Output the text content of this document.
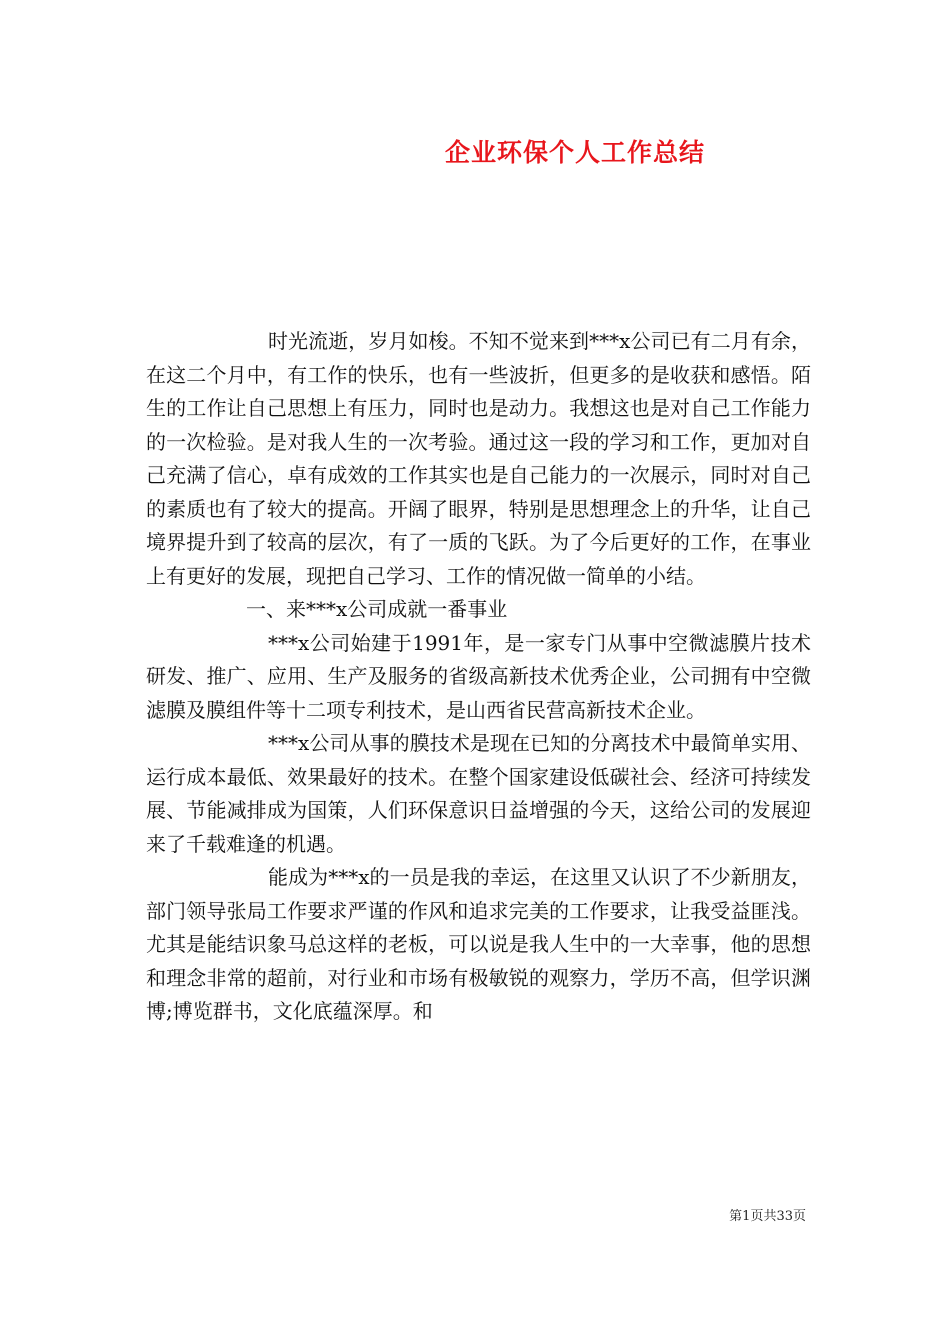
企业环保个人工作总结

时光流逝，岁月如梭。不知不觉来到***x公司已有二月有余，在这二个月中，有工作的快乐，也有一些波折，但更多的是收获和感悟。陌生的工作让自己思想上有压力，同时也是动力。我想这也是对自己工作能力的一次检验。是对我人生的一次考验。通过这一段的学习和工作，更加对自己充满了信心，卓有成效的工作其实也是自己能力的一次展示，同时对自己的素质也有了较大的提高。开阔了眼界，特别是思想理念上的升华，让自己境界提升到了较高的层次，有了一质的飞跃。为了今后更好的工作，在事业上有更好的发展，现把自己学习、工作的情况做一简单的小结。

一、来***x公司成就一番事业

***x公司始建于1991年，是一家专门从事中空微滤膜片技术研发、推广、应用、生产及服务的省级高新技术优秀企业，公司拥有中空微滤膜及膜组件等十二项专利技术，是山西省民营高新技术企业。

***x公司从事的膜技术是现在已知的分离技术中最简单实用、运行成本最低、效果最好的技术。在整个国家建设低碳社会、经济可持续发展、节能减排成为国策，人们环保意识日益增强的今天，这给公司的发展迎来了千载难逢的机遇。

能成为***x的一员是我的幸运，在这里又认识了不少新朋友，部门领导张局工作要求严谨的作风和追求完美的工作要求，让我受益匪浅。尤其是能结识象马总这样的老板，可以说是我人生中的一大幸事，他的思想和理念非常的超前，对行业和市场有极敏锐的观察力，学历不高，但学识渊博;博览群书，文化底蕴深厚。和

第1页共33页
